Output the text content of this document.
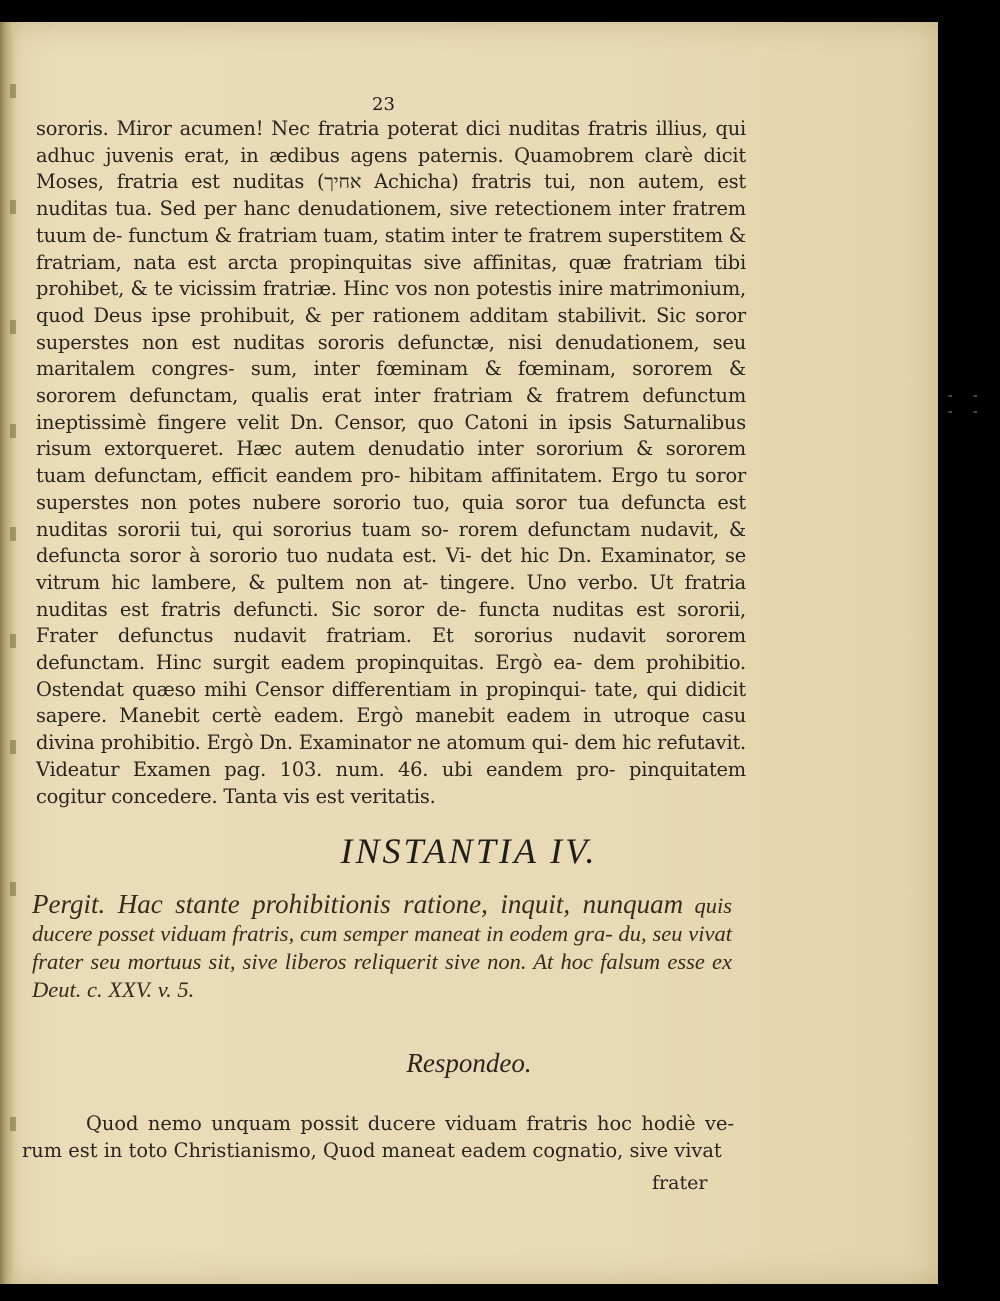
23

sororis. Miror acumen! Nec fratria poterat dici nuditas fratris illius, qui adhuc juvenis erat, in ædibus agens paternis. Quamobrem clarè dicit Moses, fratria est nuditas (אחיך Achicha) fratris tui, non autem, est nuditas tua. Sed per hanc denudationem, sive retectionem inter fratrem tuum de- functum & fratriam tuam, statim inter te fratrem superstitem & fratriam, nata est arcta propinquitas sive affinitas, quæ fratriam tibi prohibet, & te vicissim fratriæ. Hinc vos non potestis inire matrimonium, quod Deus ipse prohibuit, & per rationem additam stabilivit. Sic soror superstes non est nuditas sororis defunctæ, nisi denudationem, seu maritalem congres- sum, inter fœminam & fœminam, sororem & sororem defunctam, qualis erat inter fratriam & fratrem defunctum ineptissimè fingere velit Dn. Censor, quo Catoni in ipsis Saturnalibus risum extorqueret. Hæc autem denudatio inter sororium & sororem tuam defunctam, efficit eandem pro- hibitam affinitatem. Ergo tu soror superstes non potes nubere sororio tuo, quia soror tua defuncta est nuditas sororii tui, qui sororius tuam so- rorem defunctam nudavit, & defuncta soror à sororio tuo nudata est. Vi- det hic Dn. Examinator, se vitrum hic lambere, & pultem non at- tingere. Uno verbo. Ut fratria nuditas est fratris defuncti. Sic soror de- functa nuditas est sororii, Frater defunctus nudavit fratriam. Et sororius nudavit sororem defunctam. Hinc surgit eadem propinquitas. Ergò ea- dem prohibitio. Ostendat quæso mihi Censor differentiam in propinqui- tate, qui didicit sapere. Manebit certè eadem. Ergò manebit eadem in utroque casu divina prohibitio. Ergò Dn. Examinator ne atomum qui- dem hic refutavit. Videatur Examen pag. 103. num. 46. ubi eandem pro- pinquitatem cogitur concedere. Tanta vis est veritatis.

INSTANTIA IV.

Pergit. Hac stante prohibitionis ratione, inquit, nunquam quis ducere posset viduam fratris, cum semper maneat in eodem gra- du, seu vivat frater seu mortuus sit, sive liberos reliquerit sive non. At hoc falsum esse ex Deut. c. XXV. v. 5.

Respondeo.

Quod nemo unquam possit ducere viduam fratris hoc hodiè ve- rum est in toto Christianismo, Quod maneat eadem cognatio, sive vivat

frater
- - - -
